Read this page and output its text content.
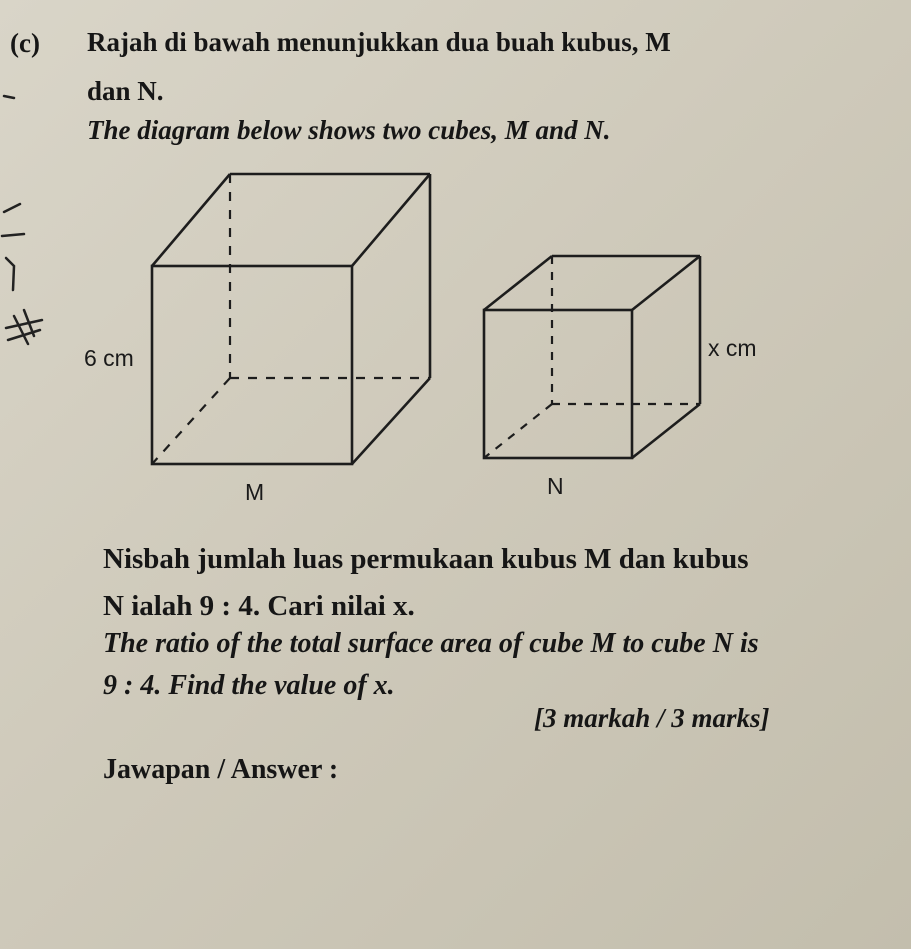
(c) Rajah di bawah menunjukkan dua buah kubus, M
dan N.
The diagram below shows two cubes, M and N.
6 cm
M
x cm
N
Nisbah jumlah luas permukaan kubus M dan kubus
N ialah 9 : 4. Cari nilai x.
The ratio of the total surface area of cube M to cube N is
9 : 4. Find the value of x.
[3 markah / 3 marks]
Jawapan / Answer :
